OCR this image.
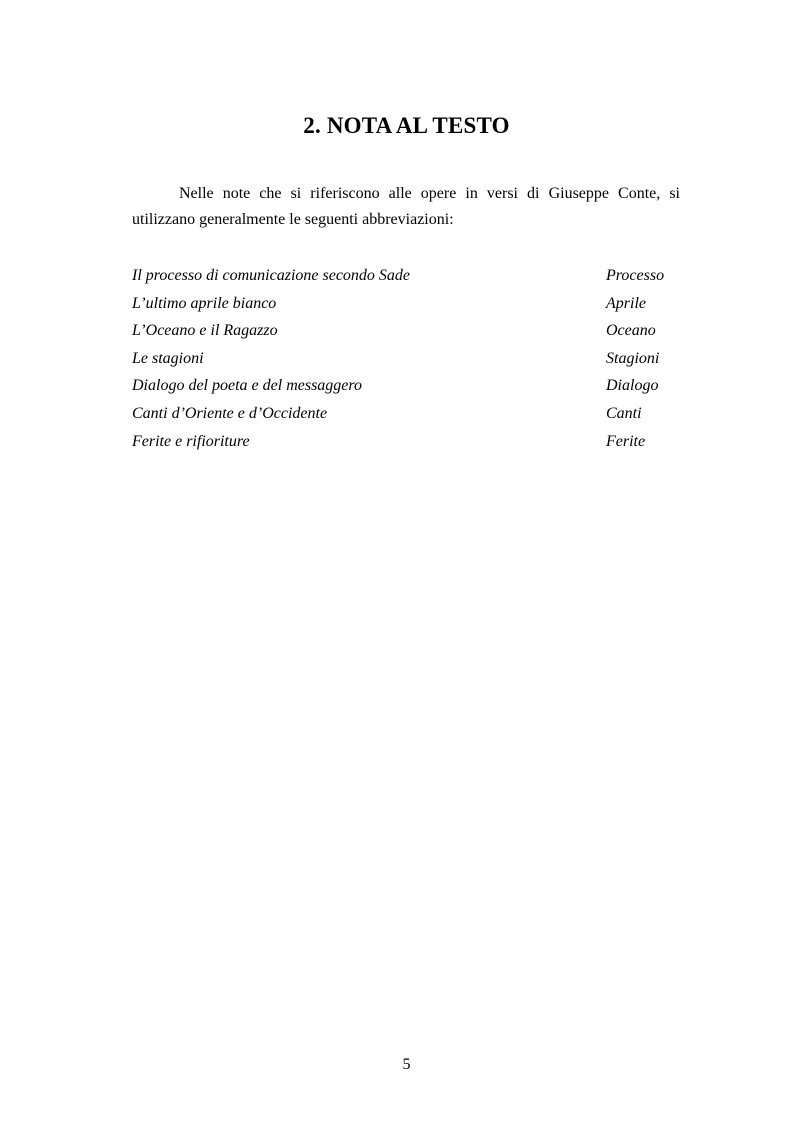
2. NOTA AL TESTO

Nelle note che si riferiscono alle opere in versi di Giuseppe Conte, si utilizzano generalmente le seguenti abbreviazioni:

Il processo di comunicazione secondo Sade	Processo
L’ultimo aprile bianco	Aprile
L’Oceano e il Ragazzo	Oceano
Le stagioni	Stagioni
Dialogo del poeta e del messaggero	Dialogo
Canti d’Oriente e d’Occidente	Canti
Ferite e rifioriture	Ferite
5
